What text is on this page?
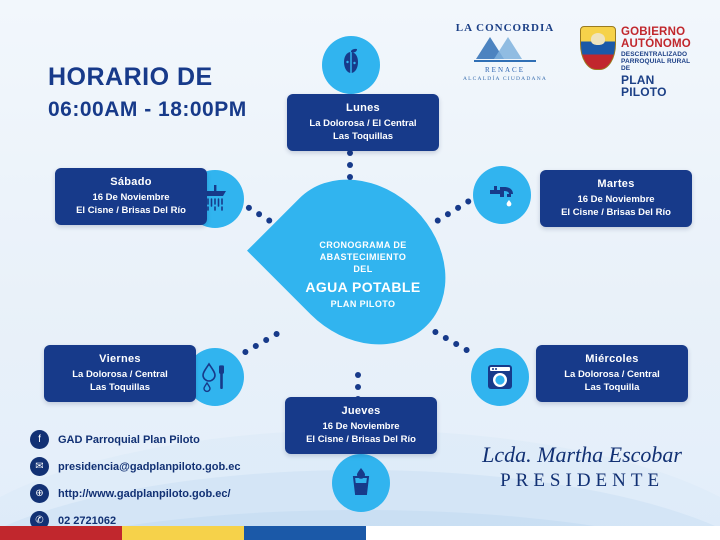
HORARIO DE
06:00AM - 18:00PM
LA CONCORDIA
RENACE
ALCALDÍA CIUDADANA
GOBIERNO
AUTÓNOMO
DESCENTRALIZADO
PARROQUIAL RURAL DE
PLAN PILOTO
CRONOGRAMA DE
ABASTECIMIENTO
DEL
AGUA POTABLE
PLAN PILOTO
Lunes
La Dolorosa / El Central
Las Toquillas
Martes
16 De Noviembre
El Cisne / Brisas Del Río
Miércoles
La Dolorosa / Central
Las Toquilla
Jueves
16 De Noviembre
El Cisne / Brisas Del Río
Viernes
La Dolorosa / Central
Las Toquillas
Sábado
16 De Noviembre
El Cisne / Brisas Del Río
f	GAD Parroquial Plan Piloto
✉	presidencia@gadplanpiloto.gob.ec
⊕	http://www.gadplanpiloto.gob.ec/
✆	02 2721062
Lcda. Martha Escobar
PRESIDENTE
